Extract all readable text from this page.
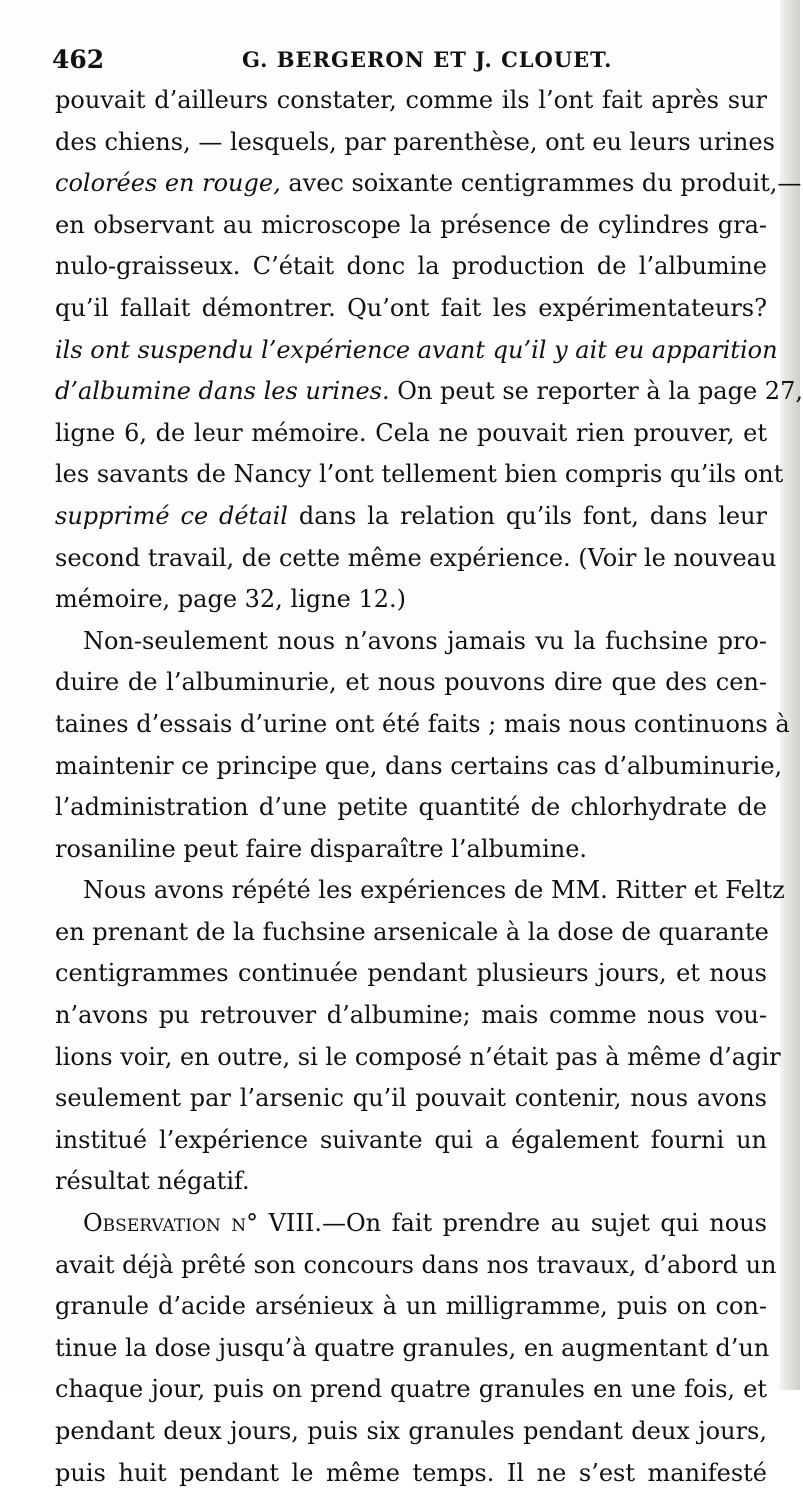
462	G. BERGERON ET J. CLOUET.
pouvait d’ailleurs constater, comme ils l’ont fait après sur
des chiens, — lesquels, par parenthèse, ont eu leurs urines
colorées en rouge, avec soixante centigrammes du produit,—
en observant au microscope la présence de cylindres gra-
nulo-graisseux. C’était donc la production de l’albumine
qu’il fallait démontrer. Qu’ont fait les expérimentateurs?
ils ont suspendu l’expérience avant qu’il y ait eu apparition
d’albumine dans les urines. On peut se reporter à la page 27,
ligne 6, de leur mémoire. Cela ne pouvait rien prouver, et
les savants de Nancy l’ont tellement bien compris qu’ils ont
supprimé ce détail dans la relation qu’ils font, dans leur
second travail, de cette même expérience. (Voir le nouveau
mémoire, page 32, ligne 12.)
Non-seulement nous n’avons jamais vu la fuchsine pro-
duire de l’albuminurie, et nous pouvons dire que des cen-
taines d’essais d’urine ont été faits ; mais nous continuons à
maintenir ce principe que, dans certains cas d’albuminurie,
l’administration d’une petite quantité de chlorhydrate de
rosaniline peut faire disparaître l’albumine.
Nous avons répété les expériences de MM. Ritter et Feltz
en prenant de la fuchsine arsenicale à la dose de quarante
centigrammes continuée pendant plusieurs jours, et nous
n’avons pu retrouver d’albumine; mais comme nous vou-
lions voir, en outre, si le composé n’était pas à même d’agir
seulement par l’arsenic qu’il pouvait contenir, nous avons
institué l’expérience suivante qui a également fourni un
résultat négatif.
Observation n° VIII.—On fait prendre au sujet qui nous
avait déjà prêté son concours dans nos travaux, d’abord un
granule d’acide arsénieux à un milligramme, puis on con-
tinue la dose jusqu’à quatre granules, en augmentant d’un
chaque jour, puis on prend quatre granules en une fois, et
pendant deux jours, puis six granules pendant deux jours,
puis huit pendant le même temps. Il ne s’est manifesté
